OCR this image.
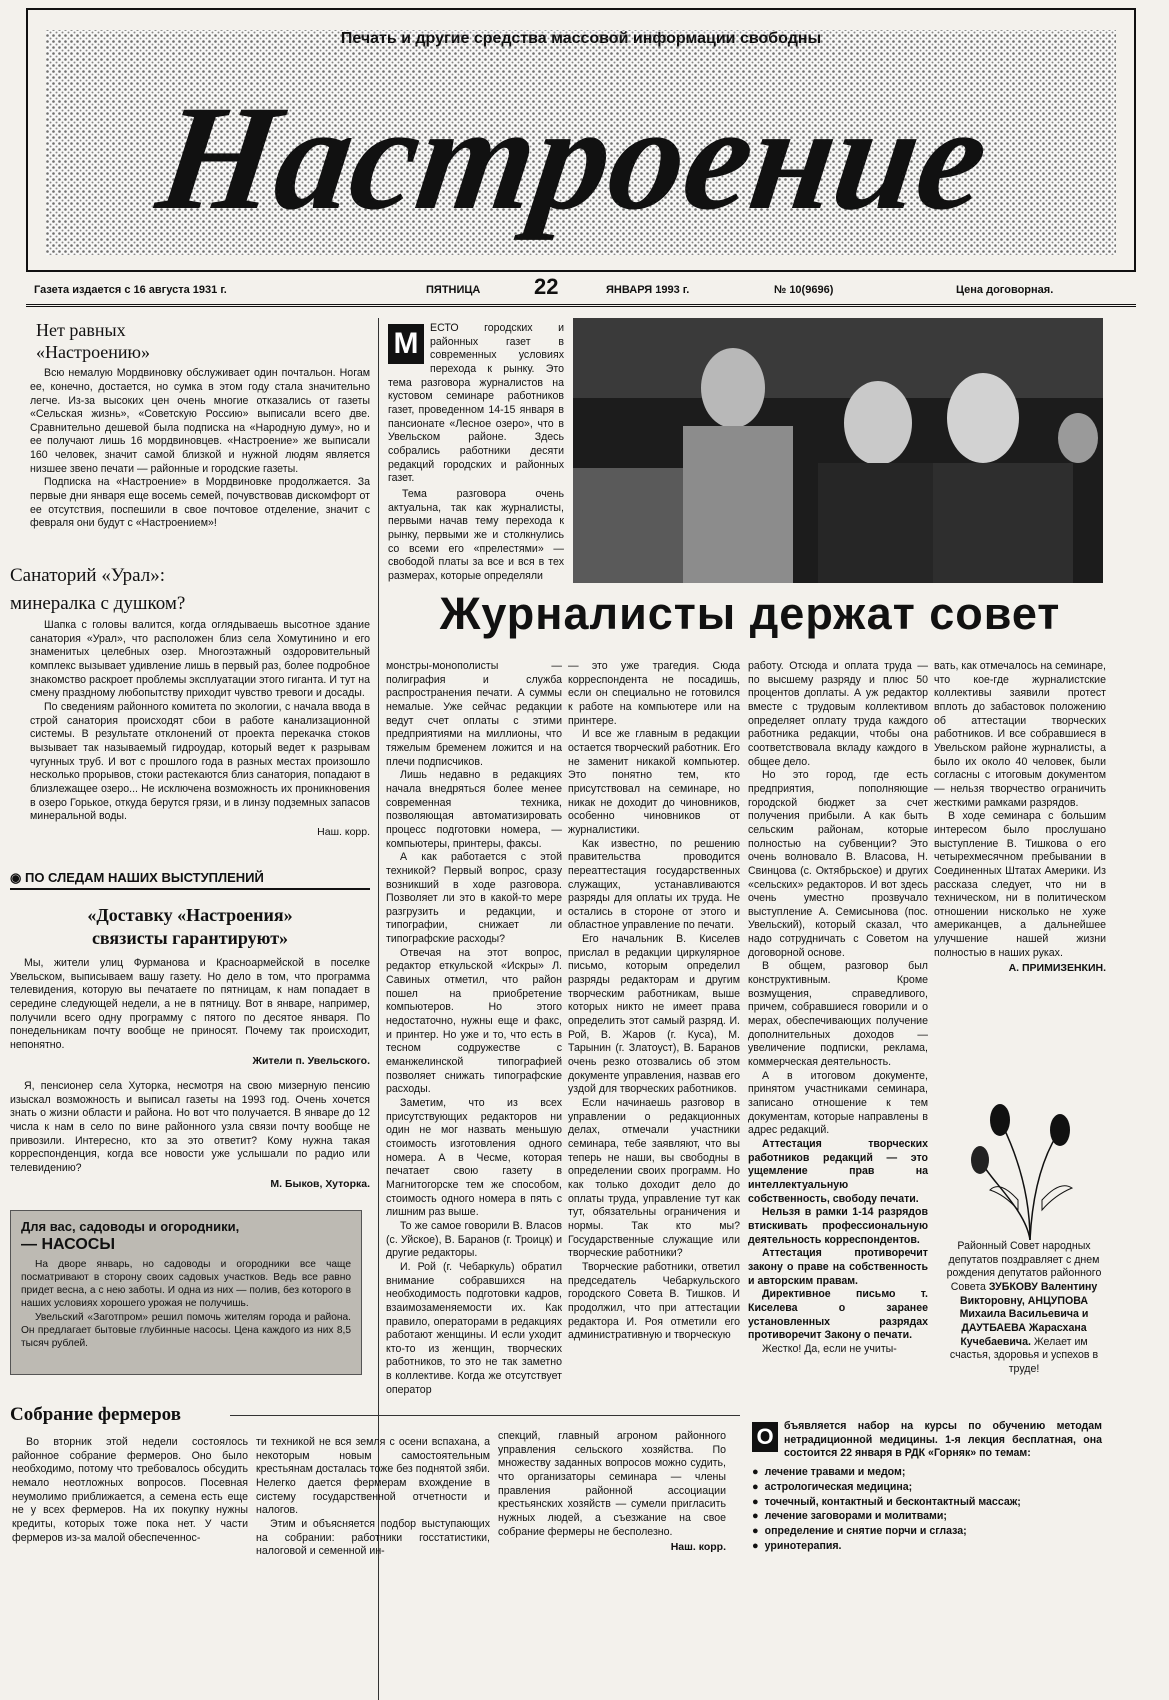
Настроение
Печать и другие средства массовой информации свободны
Газета издается с 16 августа 1931 г.	ПЯТНИЦА 22	ЯНВАРЯ 1993 г.	№ 10(9696)	Цена договорная.
Нет равных
«Настроению»

Всю немалую Мордвиновку обслуживает один почтальон. Ногам ее, конечно, достается, но сумка в этом году стала значительно легче. Из-за высоких цен очень многие отказались от газеты «Сельская жизнь», «Советскую Россию» выписали всего две. Сравнительно дешевой была подписка на «Народную думу», но и ее получают лишь 16 мордвиновцев. «Настроение» же выписали 160 человек, значит самой близкой и нужной людям является низшее звено печати — районные и городские газеты.

Подписка на «Настроение» в Мордвиновке продолжается. За первые дни января еще восемь семей, почувствовав дискомфорт от ее отсутствия, поспешили в свое почтовое отделение, значит с февраля они будут с «Настроением»!

Санаторий «Урал»:
минералка с душком?

Шапка с головы валится, когда оглядываешь высотное здание санатория «Урал», что расположен близ села Хомутинино и его знаменитых целебных озер. Многоэтажный оздоровительный комплекс вызывает удивление лишь в первый раз, более подробное знакомство раскроет проблемы эксплуатации этого гиганта. И тут на смену праздному любопытству приходит чувство тревоги и досады.

По сведениям районного комитета по экологии, с начала ввода в строй санатория происходят сбои в работе канализационной системы. В результате отклонений от проекта перекачка стоков вызывает так называемый гидроудар, который ведет к разрывам чугунных труб. И вот с прошлого года в разных местах произошло несколько прорывов, стоки растекаются близ санатория, попадают в близлежащее озеро... Не исключена возможность их проникновения в озеро Горькое, откуда берутся грязи, и в линзу подземных запасов минеральной воды.

Наш. корр.
◉ ПО СЛЕДАМ НАШИХ ВЫСТУПЛЕНИЙ
«Доставку «Настроения»
связисты гарантируют»

Мы, жители улиц Фурманова и Красноармейской в поселке Увельском, выписываем вашу газету. Но дело в том, что программа телевидения, которую вы печатаете по пятницам, к нам попадает в середине следующей недели, а не в пятницу. Вот в январе, например, получили всего одну программу с пятого по десятое января. По понедельникам почту вообще не приносят. Почему так происходит, непонятно.

Жители п. Увельского.

Я, пенсионер села Хуторка, несмотря на свою мизерную пенсию изыскал возможность и выписал газеты на 1993 год. Очень хочется знать о жизни области и района. Но вот что получается. В январе до 12 числа к нам в село по вине районного узла связи почту вообще не привозили. Интересно, кто за это ответит? Кому нужна такая корреспонденция, когда все новости уже услышали по радио или телевидению?

М. Быков, Хуторка.
Для вас, садоводы и огородники,
— НАСОСЫ

На дворе январь, но садоводы и огородники все чаще посматривают в сторону своих садовых участков. Ведь все равно придет весна, а с нею заботы. И одна из них — полив, без которого в наших условиях хорошего урожая не получишь.

Увельский «Заготпром» решил помочь жителям города и района. Он предлагает бытовые глубинные насосы. Цена каждого из них 8,5 тысяч рублей.

М	ЕСТО городских и районных газет в современных условиях перехода к рынку. Это тема разговора журналистов на кустовом семинаре работников газет, проведенном 14-15 января в пансионате «Лесное озеро», что в Увельском районе. Здесь собрались работники десяти редакций городских и районных газет.

Тема разговора очень актуальна, так как журналисты, первыми начав тему перехода к рынку, первыми же и столкнулись со всеми его «прелестями» — свободой платы за все и вся в тех размерах, которые определяли

Журналисты держат совет

монстры-монополисты — полиграфия и служба распространения печати. А суммы немалые. Уже сейчас редакции ведут счет оплаты с этими предприятиями на миллионы, что тяжелым бременем ложится и на плечи подписчиков.

Лишь недавно в редакциях начала внедряться более менее современная техника, позволяющая автоматизировать процесс подготовки номера, — компьютеры, принтеры, факсы.

А как работается с этой техникой? Первый вопрос, сразу возникший в ходе разговора. Позволяет ли это в какой-то мере разгрузить и редакции, и типографии, снижает ли типографские расходы?

Отвечая на этот вопрос, редактор еткульской «Искры» Л. Савиных отметил, что район пошел на приобретение компьютеров. Но этого недостаточно, нужны еще и факс, и принтер. Но уже и то, что есть в тесном содружестве с еманжелинской типографией позволяет снижать типографские расходы.

Заметим, что из всех присутствующих редакторов ни один не мог назвать меньшую стоимость изготовления одного номера. А в Чесме, которая печатает свою газету в Магнитогорске тем же способом, стоимость одного номера в пять с лишним раз выше.

То же самое говорили В. Власов (с. Уйское), В. Баранов (г. Троицк) и другие редакторы.

И. Рой (г. Чебаркуль) обратил внимание собравшихся на необходимость подготовки кадров, взаимозаменяемости их. Как правило, операторами в редакциях работают женщины. И если уходит кто-то из женщин, творческих работников, то это не так заметно в коллективе. Когда же отсутствует оператор

— это уже трагедия. Сюда корреспондента не посадишь, если он специально не готовился к работе на компьютере или на принтере.

И все же главным в редакции остается творческий работник. Его не заменит никакой компьютер. Это понятно тем, кто присутствовал на семинаре, но никак не доходит до чиновников, особенно чиновников от журналистики.

Как известно, по решению правительства проводится переаттестация государственных служащих, устанавливаются разряды для оплаты их труда. Не остались в стороне от этого и областное управление по печати.

Его начальник В. Киселев прислал в редакции циркулярное письмо, которым определил разряды редакторам и другим творческим работникам, выше которых никто не имеет права определить этот самый разряд. И. Рой, В. Жаров (г. Куса), М. Тарынин (г. Златоуст), В. Баранов очень резко отозвались об этом документе управления, назвав его уздой для творческих работников.

Если начинаешь разговор в управлении о редакционных делах, отмечали участники семинара, тебе заявляют, что вы теперь не наши, вы свободны в определении своих программ. Но как только доходит дело до оплаты труда, управление тут как тут, обязательны ограничения и нормы. Так кто мы? Государственные служащие или творческие работники?

Творческие работники, ответил председатель Чебаркульского городского Совета В. Тишков. И продолжил, что при аттестации редактора И. Роя отметили его административную и творческую

работу. Отсюда и оплата труда — по высшему разряду и плюс 50 процентов доплаты. А уж редактор вместе с трудовым коллективом определяет оплату труда каждого работника редакции, чтобы она соответствовала вкладу каждого в общее дело.

Но это город, где есть предприятия, пополняющие городской бюджет за счет получения прибыли. А как быть сельским районам, которые полностью на субвенции? Это очень волновало В. Власова, Н. Свинцова (с. Октябрьское) и других «сельских» редакторов. И вот здесь очень уместно прозвучало выступление А. Семисынова (пос. Увельский), который сказал, что надо сотрудничать с Советом на договорной основе.

В общем, разговор был конструктивным. Кроме возмущения, справедливого, причем, собравшиеся говорили и о мерах, обеспечивающих получение дополнительных доходов — увеличение подписки, реклама, коммерческая деятельность.

А в итоговом документе, принятом участниками семинара, записано отношение к тем документам, которые направлены в адрес редакций.

Аттестация творческих работников редакций — это ущемление прав на интеллектуальную собственность, свободу печати.

Нельзя в рамки 1-14 разрядов втискивать профессиональную деятельность корреспондентов.

Аттестация противоречит закону о праве на собственность и авторским правам.

Директивное письмо т. Киселева о заранее установленных разрядах противоречит Закону о печати.

Жестко! Да, если не учиты-

вать, как отмечалось на семинаре, что кое-где журналистские коллективы заявили протест вплоть до забастовок положению об аттестации творческих работников. И все собравшиеся в Увельском районе журналисты, а было их около 40 человек, были согласны с итоговым документом — нельзя творчество ограничить жесткими рамками разрядов.

В ходе семинара с большим интересом было прослушано выступление В. Тишкова о его четырехмесячном пребывании в Соединенных Штатах Америки. Из рассказа следует, что ни в техническом, ни в политическом отношении нисколько не хуже американцев, а дальнейшее улучшение нашей жизни полностью в наших руках.

А. ПРИМИЗЕНКИН.
Районный Совет народных депутатов поздравляет с днем рождения депутатов районного Совета ЗУБКОВУ Валентину Викторовну, АНЦУПОВА Михаила Васильевича и ДАУТБАЕВА Жарасхана Кучебаевича. Желает им счастья, здоровья и успехов в труде!
Собрание фермеров

Во вторник этой недели состоялось районное собрание фермеров. Оно было необходимо, потому что требовалось обсудить немало неотложных вопросов. Посевная неумолимо приближается, а семена есть еще не у всех фермеров. На их покупку нужны кредиты, которых тоже пока нет. У части фермеров из-за малой обеспеченнос-

ти техникой не вся земля с осени вспахана, а некоторым новым самостоятельным крестьянам досталась тоже без поднятой зяби. Нелегко дается фермерам вхождение в систему государственной отчетности и налогов.

Этим и объясняется подбор выступающих на собрании: работники госстатистики, налоговой и семенной ин-

спекций, главный агроном районного управления сельского хозяйства. По множеству заданных вопросов можно судить, что организаторы семинара — члены правления районной ассоциации крестьянских хозяйств — сумели пригласить нужных людей, а съезжание на свое собрание фермеры не бесполезно.

Наш. корр.
О бъявляется набор на курсы по обучению методам нетрадиционной медицины. 1-я лекция бесплатная, она состоится 22 января в РДК «Горняк» по темам:
● лечение травами и медом;
● астрологическая медицина;
● точечный, контактный и бесконтактный массаж;
● лечение заговорами и молитвами;
● определение и снятие порчи и сглаза;
● уринотерапия.
